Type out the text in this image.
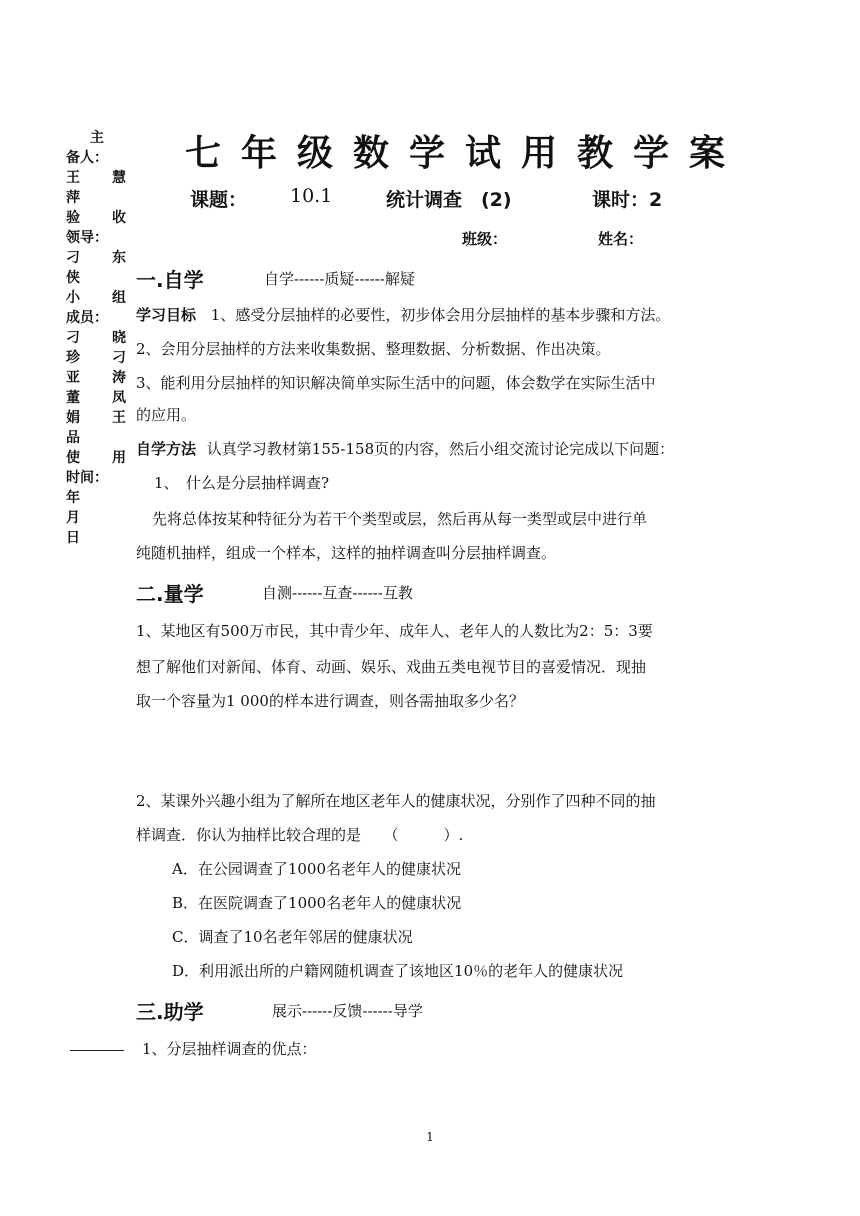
主
备人：
王 慧
萍
验 收
领导：
刁 东
侠
小 组
成员：
刁 晓
珍 刁
亚 涛
董 凤
娟 王
品
使 用
时间：
年
月
日
七年级数学试用教学案
课题： 10.1	统计调查　(2)	课时：2
班级：	姓名：
一.自学	自学------质疑------解疑
学习目标 1、感受分层抽样的必要性，初步体会用分层抽样的基本步骤和方法。
2、会用分层抽样的方法来收集数据、整理数据、分析数据、作出决策。
3、能利用分层抽样的知识解决简单实际生活中的问题，体会数学在实际生活中
的应用。
自学方法 认真学习教材第155-158页的内容，然后小组交流讨论完成以下问题：
1、　什么是分层抽样调查?
先将总体按某种特征分为若干个类型或层，然后再从每一类型或层中进行单
纯随机抽样，组成一个样本，这样的抽样调查叫分层抽样调查。
二.量学	自测------互查------互教
1、某地区有500万市民，其中青少年、成年人、老年人的人数比为2：5：3要
想了解他们对新闻、体育、动画、娱乐、戏曲五类电视节目的喜爱情况．现抽
取一个容量为1 000的样本进行调查，则各需抽取多少名？
2、某课外兴趣小组为了解所在地区老年人的健康状况，分别作了四种不同的抽
样调查．你认为抽样比较合理的是　　（　　　）.
A．在公园调查了1000名老年人的健康状况
B．在医院调查了1000名老年人的健康状况
C．调查了10名老年邻居的健康状况
D．利用派出所的户籍网随机调查了该地区10％的老年人的健康状况
三.助学	展示------反馈------导学
1、分层抽样调查的优点：
1
